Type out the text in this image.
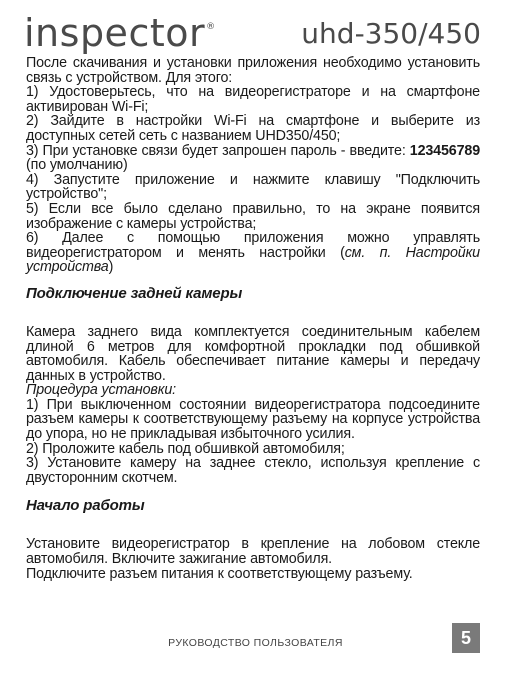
inspector®	uhd-350/450

После скачивания и установки приложения необходимо установить связь с устройством. Для этого:

1) Удостоверьтесь, что на видеорегистраторе и на смартфоне активирован Wi-Fi;

2) Зайдите в настройки Wi-Fi на смартфоне и выберите из доступных сетей сеть с названием UHD350/450;

3) При установке связи будет запрошен пароль - введите: 123456789 (по умолчанию)

4) Запустите приложение и нажмите клавишу "Подключить устройство";

5) Если все было сделано правильно, то на экране появится изображение с камеры устройства;

6) Далее с помощью приложения можно управлять видеорегистратором и менять настройки (см. п. Настройки устройства)

Подключение задней камеры

Камера заднего вида комплектуется соединительным кабелем длиной 6 метров для комфортной прокладки под обшивкой автомобиля. Кабель обеспечивает питание камеры и передачу данных в устройство.

Процедура установки:

1) При выключенном состоянии видеорегистратора подсоедините разъем камеры к соответствующему разъему на корпусе устройства до упора, но не прикладывая избыточного усилия.

2) Проложите кабель под обшивкой автомобиля;

3) Установите камеру на заднее стекло, используя крепление с двусторонним скотчем.

Начало работы

Установите видеорегистратор в крепление на лобовом стекле автомобиля. Включите зажигание автомобиля.

Подключите разъем питания к соответствующему разъему.

РУКОВОДСТВО ПОЛЬЗОВАТЕЛЯ	5
